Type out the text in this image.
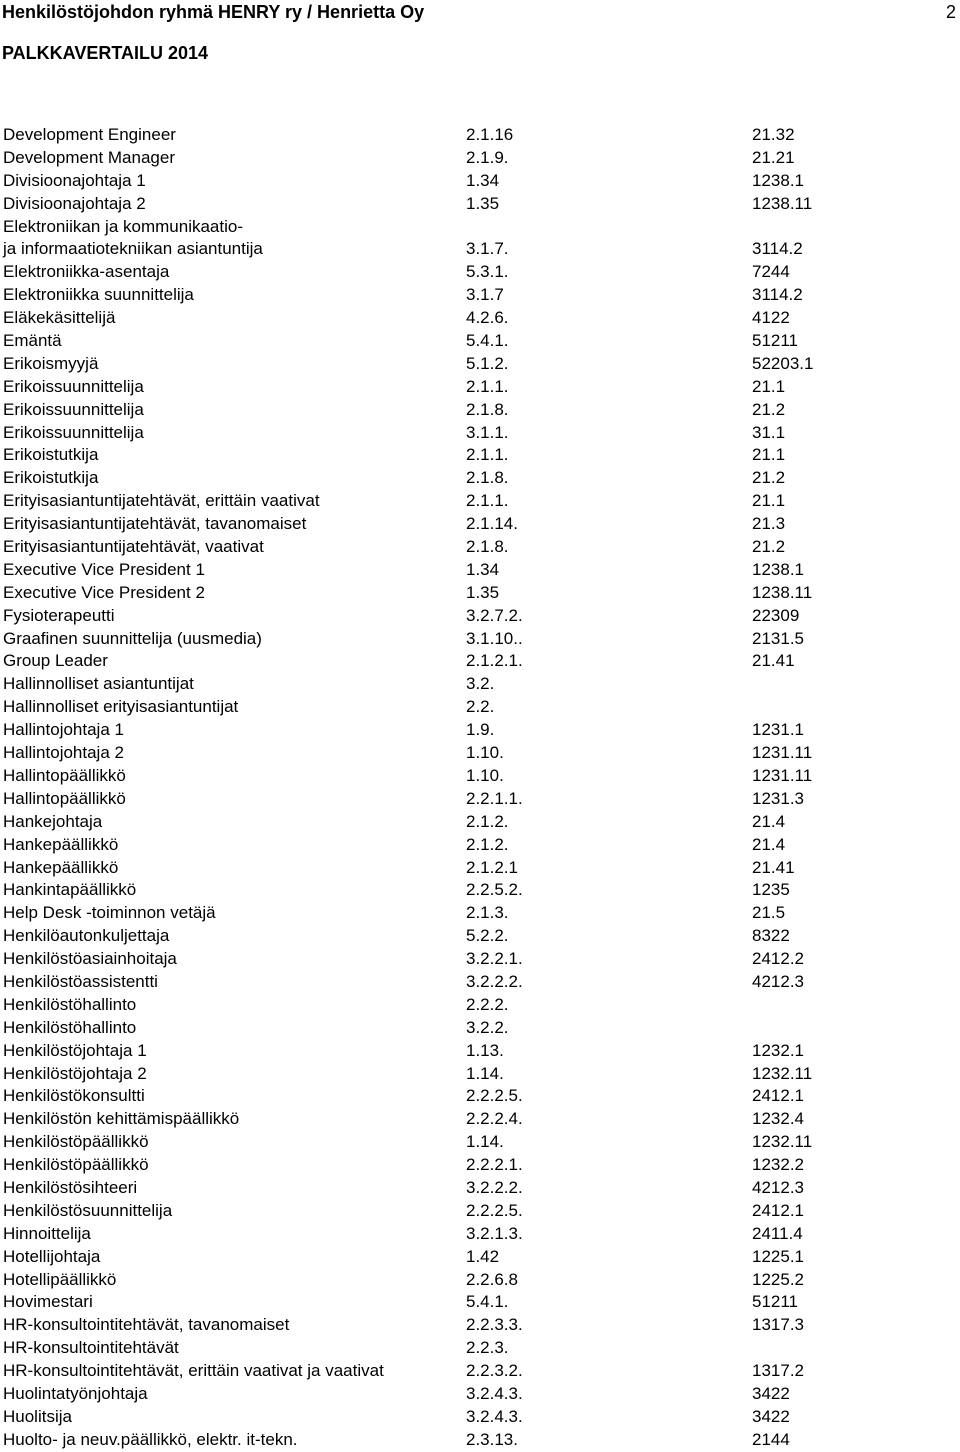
Henkilöstöjohdon ryhmä HENRY ry / Henrietta Oy	2
PALKKAVERTAILU 2014
Development Engineer	2.1.16	21.32
Development Manager	2.1.9.	21.21
Divisioonajohtaja 1	1.34	1238.1
Divisioonajohtaja 2	1.35	1238.11
Elektroniikan ja kommunikaatio-
ja informaatiotekniikan asiantuntija	3.1.7.	3114.2
Elektroniikka-asentaja	5.3.1.	7244
Elektroniikka suunnittelija	3.1.7	3114.2
Eläkekäsittelijä	4.2.6.	4122
Emäntä	5.4.1.	51211
Erikoismyyjä	5.1.2.	52203.1
Erikoissuunnittelija	2.1.1.	21.1
Erikoissuunnittelija	2.1.8.	21.2
Erikoissuunnittelija	3.1.1.	31.1
Erikoistutkija	2.1.1.	21.1
Erikoistutkija	2.1.8.	21.2
Erityisasiantuntijatehtävät, erittäin vaativat	2.1.1.	21.1
Erityisasiantuntijatehtävät, tavanomaiset	2.1.14.	21.3
Erityisasiantuntijatehtävät, vaativat	2.1.8.	21.2
Executive Vice President 1	1.34	1238.1
Executive Vice President 2	1.35	1238.11
Fysioterapeutti	3.2.7.2.	22309
Graafinen suunnittelija (uusmedia)	3.1.10..	2131.5
Group Leader	2.1.2.1.	21.41
Hallinnolliset asiantuntijat	3.2.
Hallinnolliset erityisasiantuntijat	2.2.
Hallintojohtaja 1	1.9.	1231.1
Hallintojohtaja 2	1.10.	1231.11
Hallintopäällikkö	1.10.	1231.11
Hallintopäällikkö	2.2.1.1.	1231.3
Hankejohtaja	2.1.2.	21.4
Hankepäällikkö	2.1.2.	21.4
Hankepäällikkö	2.1.2.1	21.41
Hankintapäällikkö	2.2.5.2.	1235
Help Desk -toiminnon vetäjä	2.1.3.	21.5
Henkilöautonkuljettaja	5.2.2.	8322
Henkilöstöasiainhoitaja	3.2.2.1.	2412.2
Henkilöstöassistentti	3.2.2.2.	4212.3
Henkilöstöhallinto	2.2.2.
Henkilöstöhallinto	3.2.2.
Henkilöstöjohtaja 1	1.13.	1232.1
Henkilöstöjohtaja 2	1.14.	1232.11
Henkilöstökonsultti	2.2.2.5.	2412.1
Henkilöstön kehittämispäällikkö	2.2.2.4.	1232.4
Henkilöstöpäällikkö	1.14.	1232.11
Henkilöstöpäällikkö	2.2.2.1.	1232.2
Henkilöstösihteeri	3.2.2.2.	4212.3
Henkilöstösuunnittelija	2.2.2.5.	2412.1
Hinnoittelija	3.2.1.3.	2411.4
Hotellijohtaja	1.42	1225.1
Hotellipäällikkö	2.2.6.8	1225.2
Hovimestari	5.4.1.	51211
HR-konsultointitehtävät, tavanomaiset	2.2.3.3.	1317.3
HR-konsultointitehtävät	2.2.3.
HR-konsultointitehtävät, erittäin vaativat ja vaativat	2.2.3.2.	1317.2
Huolintatyönjohtaja	3.2.4.3.	3422
Huolitsija	3.2.4.3.	3422
Huolto- ja neuv.päällikkö, elektr. it-tekn.	2.3.13.	2144
